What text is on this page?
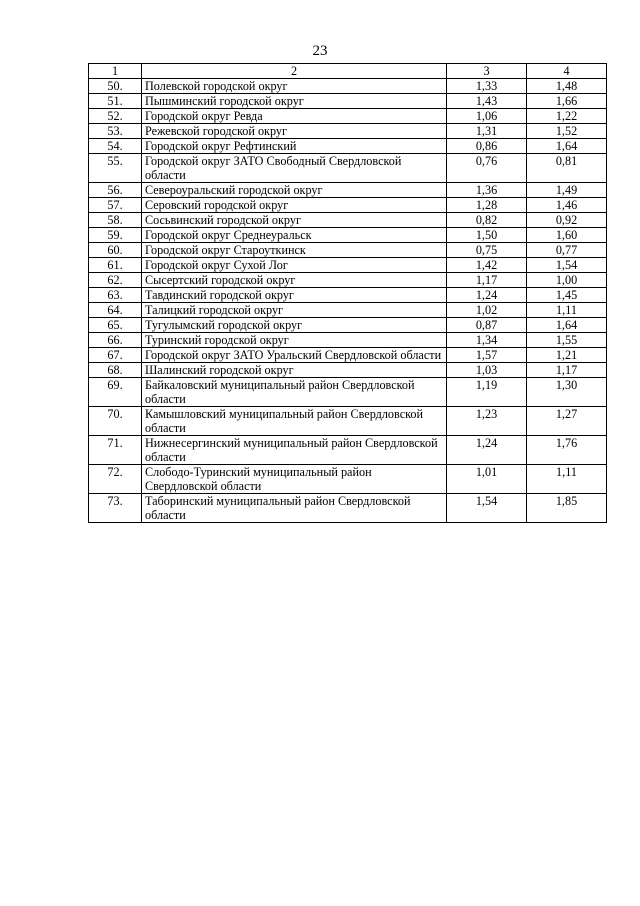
23
1	2	3	4
50.	Полевской городской округ	1,33	1,48
51.	Пышминский городской округ	1,43	1,66
52.	Городской округ Ревда	1,06	1,22
53.	Режевской городской округ	1,31	1,52
54.	Городской округ Рефтинский	0,86	1,64
55.	Городской округ ЗАТО Свободный Свердловской области	0,76	0,81
56.	Североуральский городской округ	1,36	1,49
57.	Серовский городской округ	1,28	1,46
58.	Сосьвинский городской округ	0,82	0,92
59.	Городской округ Среднеуральск	1,50	1,60
60.	Городской округ Староуткинск	0,75	0,77
61.	Городской округ Сухой Лог	1,42	1,54
62.	Сысертский городской округ	1,17	1,00
63.	Тавдинский городской округ	1,24	1,45
64.	Талицкий городской округ	1,02	1,11
65.	Тугулымский городской округ	0,87	1,64
66.	Туринский городской округ	1,34	1,55
67.	Городской округ ЗАТО Уральский Свердловской области	1,57	1,21
68.	Шалинский городской округ	1,03	1,17
69.	Байкаловский муниципальный район Свердловской области	1,19	1,30
70.	Камышловский муниципальный район Свердловской области	1,23	1,27
71.	Нижнесергинский муниципальный район Свердловской области	1,24	1,76
72.	Слободо-Туринский муниципальный район Свердловской области	1,01	1,11
73.	Таборинский муниципальный район Свердловской области	1,54	1,85
